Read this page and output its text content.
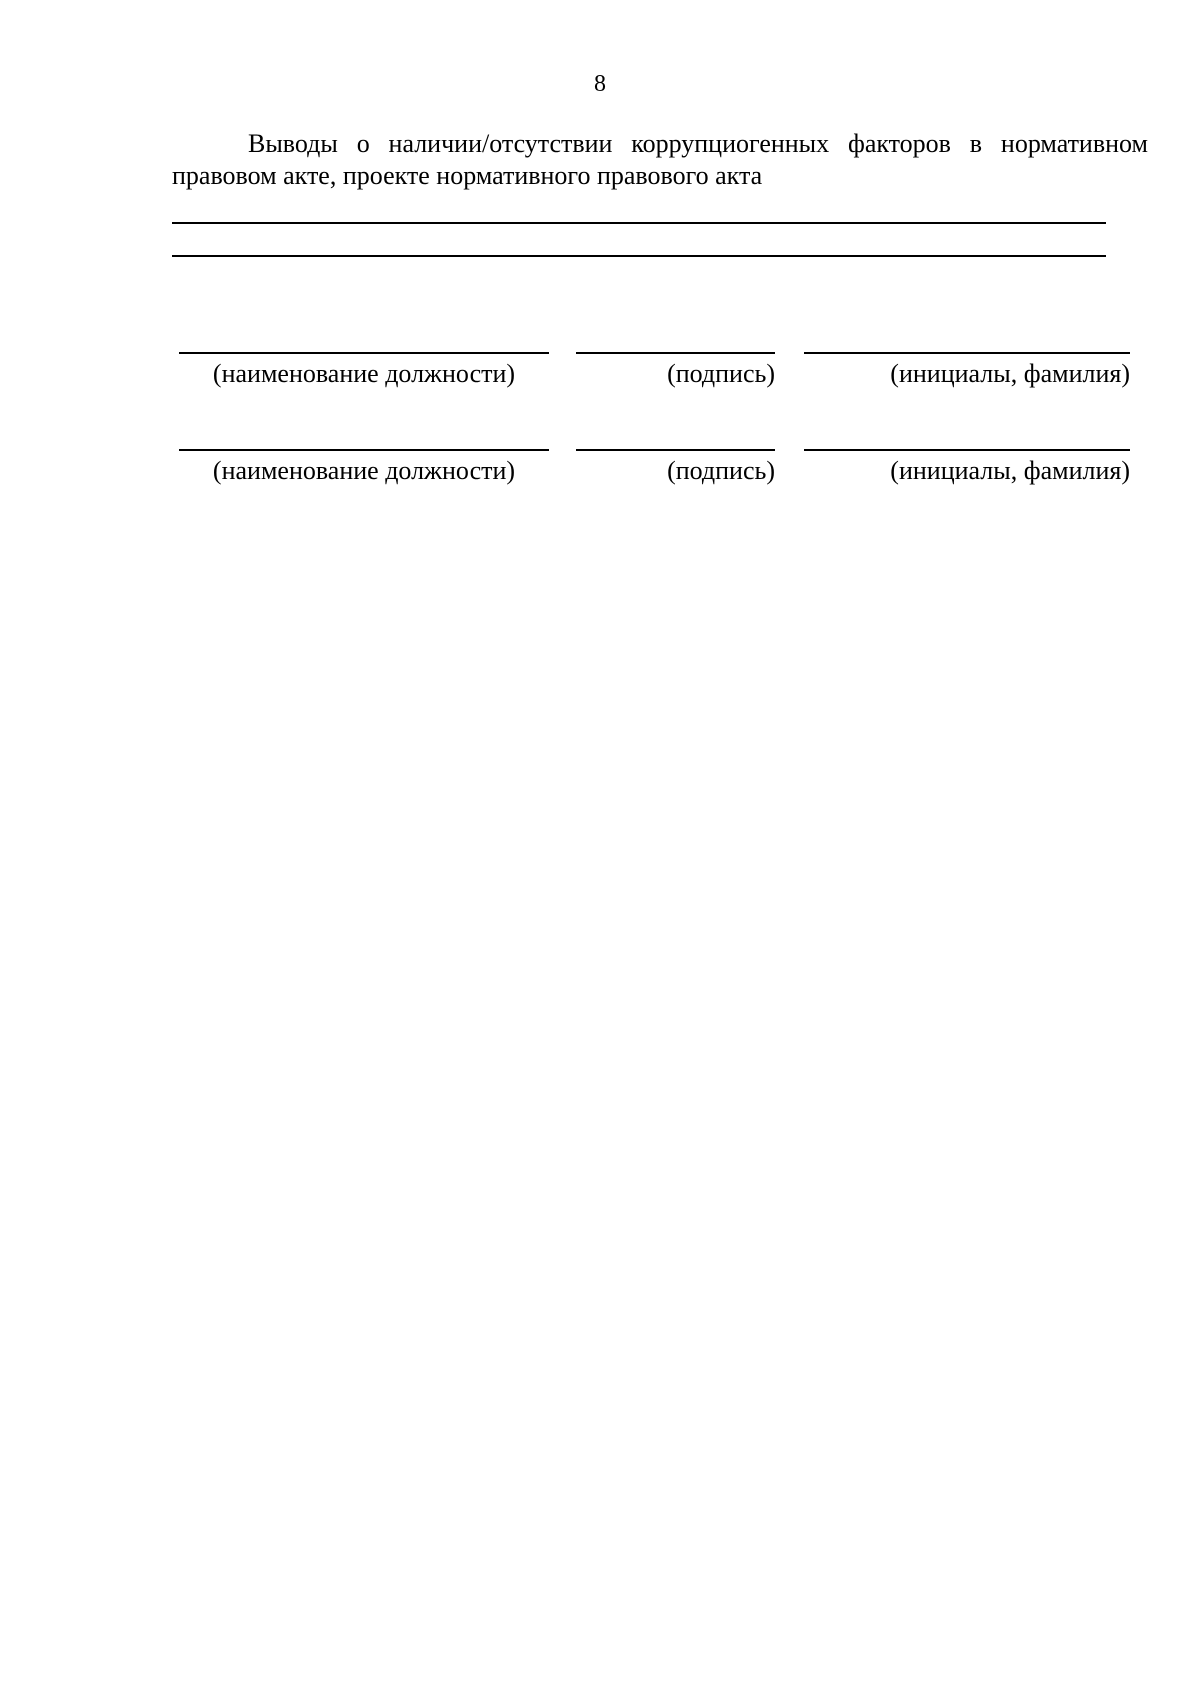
8

Выводы о наличии/отсутствии коррупциогенных факторов в нормативном правовом акте, проекте нормативного правового акта

(наименование должности)	(подпись)	(инициалы, фамилия)
(наименование должности)	(подпись)	(инициалы, фамилия)
